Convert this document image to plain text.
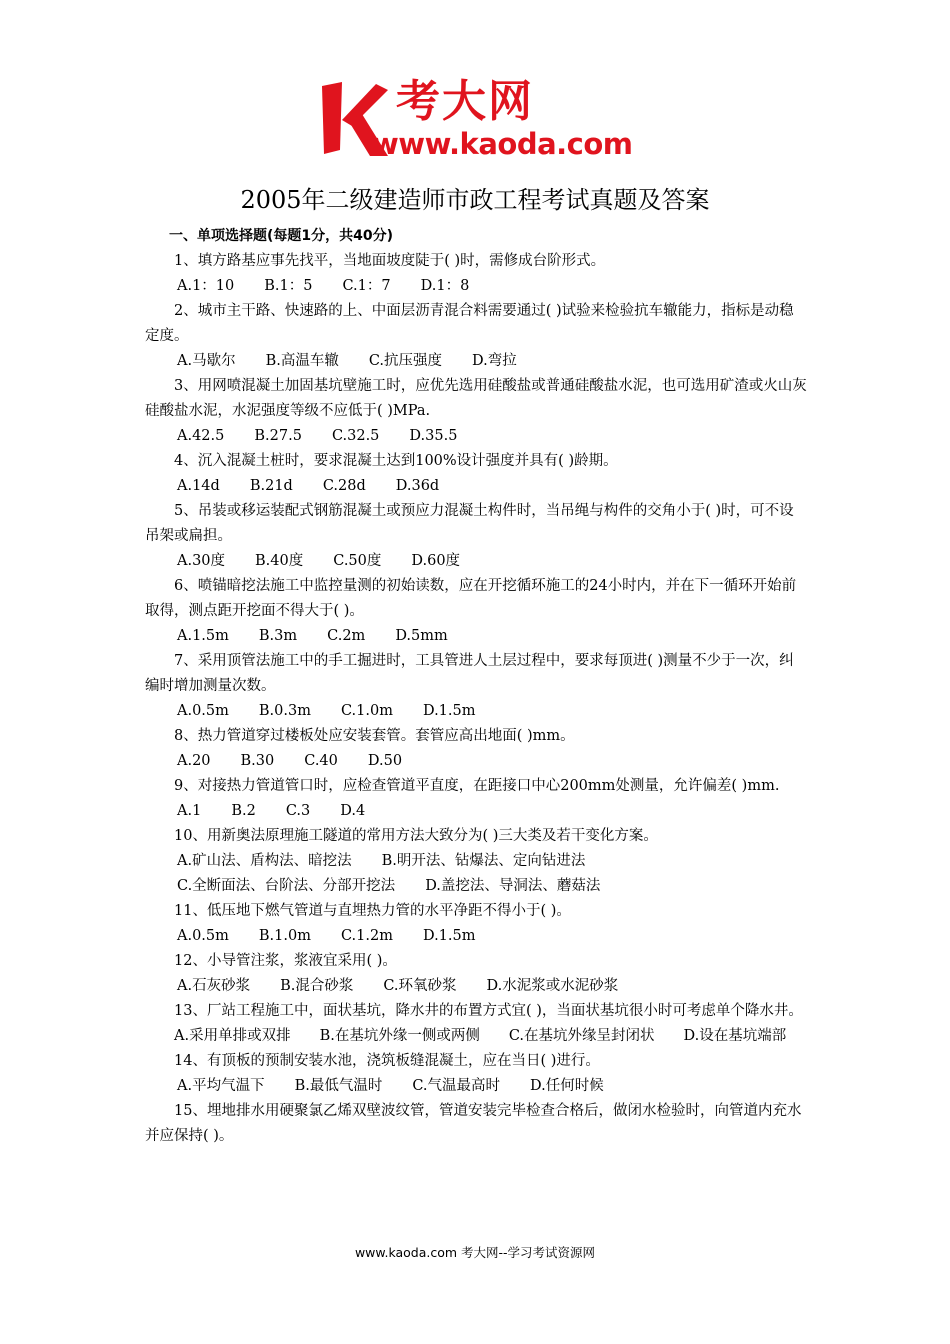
考大网
www.kaoda.com
2005年二级建造师市政工程考试真题及答案

一、单项选择题(每题1分，共40分)

1、填方路基应事先找平，当地面坡度陡于( )时，需修成台阶形式。

A.1：10 B.1：5 C.1：7 D.1：8

2、城市主干路、快速路的上、中面层沥青混合料需要通过( )试验来检验抗车辙能力，指标是动稳定度。

A.马歇尔 B.高温车辙 C.抗压强度 D.弯拉

3、用网喷混凝土加固基坑壁施工时，应优先选用硅酸盐或普通硅酸盐水泥，也可选用矿渣或火山灰硅酸盐水泥，水泥强度等级不应低于( )MPa.

A.42.5 B.27.5 C.32.5 D.35.5

4、沉入混凝土桩时，要求混凝土达到100%设计强度并具有( )龄期。

A.14d B.21d C.28d D.36d

5、吊装或移运装配式钢筋混凝土或预应力混凝土构件时，当吊绳与构件的交角小于( )时，可不设吊架或扁担。

A.30度 B.40度 C.50度 D.60度

6、喷锚暗挖法施工中监控量测的初始读数，应在开挖循环施工的24小时内，并在下一循环开始前取得，测点距开挖面不得大于( )。

A.1.5m B.3m C.2m D.5mm

7、采用顶管法施工中的手工掘进时，工具管进人土层过程中，要求每顶进( )测量不少于一次，纠编时增加测量次数。

A.0.5m B.0.3m C.1.0m D.1.5m

8、热力管道穿过楼板处应安装套管。套管应高出地面( )mm。

A.20 B.30 C.40 D.50

9、对接热力管道管口时，应检查管道平直度，在距接口中心200mm处测量，允许偏差( )mm.

A.1 B.2 C.3 D.4

10、用新奥法原理施工隧道的常用方法大致分为( )三大类及若干变化方案。

A.矿山法、盾构法、暗挖法 B.明开法、钻爆法、定向钻进法
C.全断面法、台阶法、分部开挖法 D.盖挖法、导洞法、蘑菇法

11、低压地下燃气管道与直埋热力管的水平净距不得小于( )。

A.0.5m B.1.0m C.1.2m D.1.5m

12、小导管注浆，浆液宜采用( )。

A.石灰砂浆 B.混合砂浆 C.环氧砂浆 D.水泥浆或水泥砂浆

13、厂站工程施工中，面状基坑，降水井的布置方式宜( )，当面状基坑很小时可考虑单个降水井。

A.采用单排或双排　　B.在基坑外缘一侧或两侧　　C.在基坑外缘呈封闭状　　D.设在基坑端部

14、有顶板的预制安装水池，浇筑板缝混凝土，应在当日( )进行。

A.平均气温下 B.最低气温时 C.气温最高时 D.任何时候

15、埋地排水用硬聚氯乙烯双壁波纹管，管道安装完毕检查合格后，做闭水检验时，向管道内充水并应保持( )。

www.kaoda.com 考大网--学习考试资源网
